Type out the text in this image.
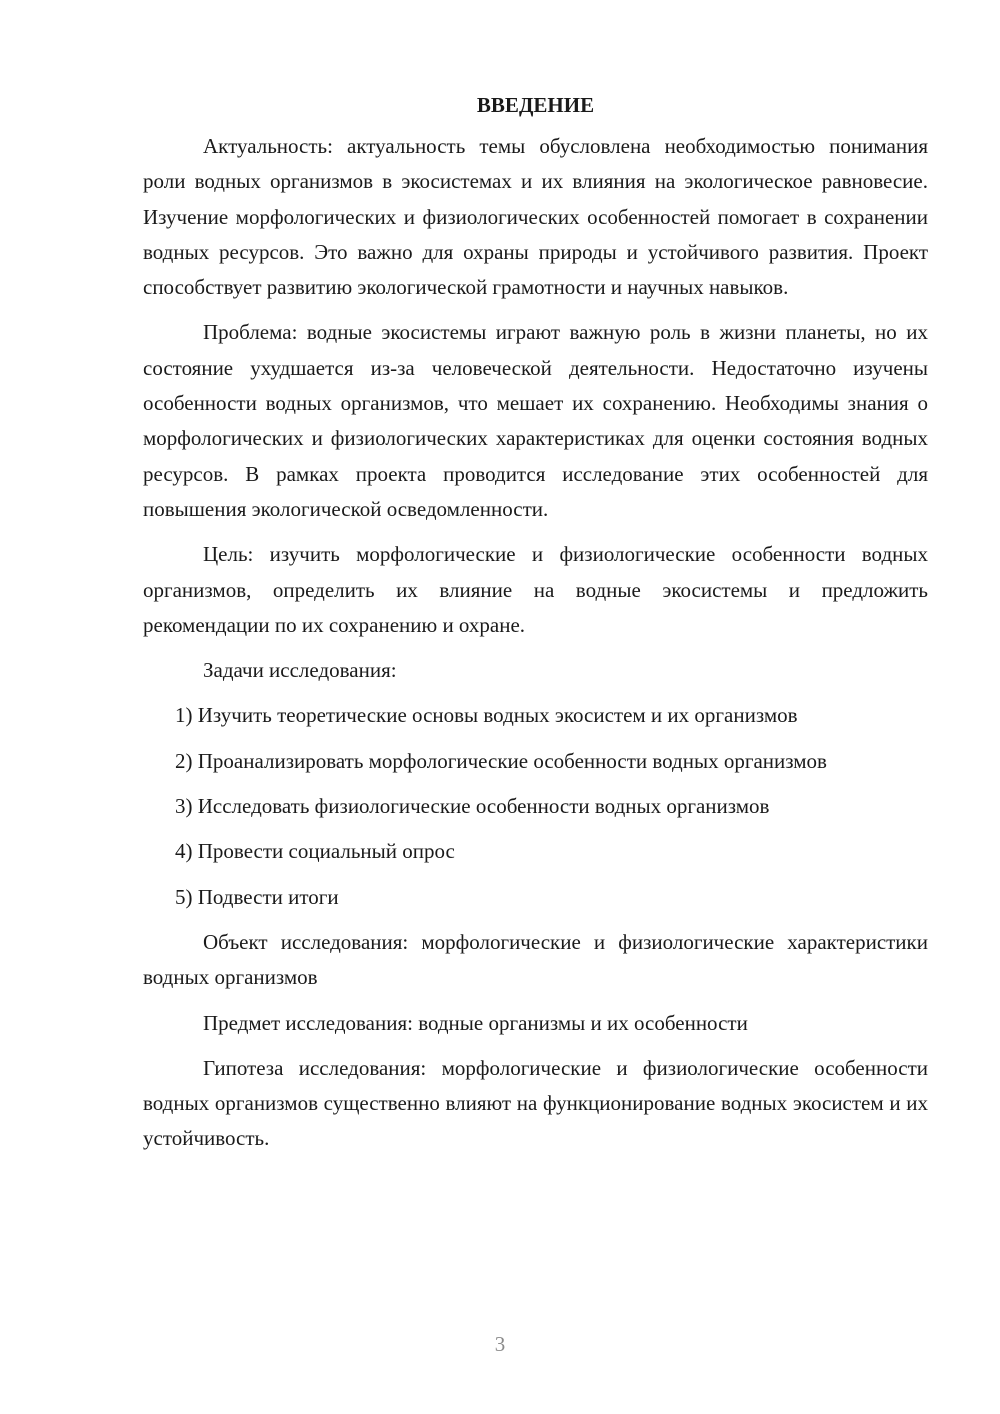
ВВЕДЕНИЕ

Актуальность: актуальность темы обусловлена необходимостью понимания роли водных организмов в экосистемах и их влияния на экологическое равновесие. Изучение морфологических и физиологических особенностей помогает в сохранении водных ресурсов. Это важно для охраны природы и устойчивого развития. Проект способствует развитию экологической грамотности и научных навыков.

Проблема: водные экосистемы играют важную роль в жизни планеты, но их состояние ухудшается из-за человеческой деятельности. Недостаточно изучены особенности водных организмов, что мешает их сохранению. Необходимы знания о морфологических и физиологических характеристиках для оценки состояния водных ресурсов. В рамках проекта проводится исследование этих особенностей для повышения экологической осведомленности.

Цель: изучить морфологические и физиологические особенности водных организмов, определить их влияние на водные экосистемы и предложить рекомендации по их сохранению и охране.

Задачи исследования:

1) Изучить теоретические основы водных экосистем и их организмов

2) Проанализировать морфологические особенности водных организмов

3) Исследовать физиологические особенности водных организмов

4) Провести социальный опрос

5) Подвести итоги

Объект исследования: морфологические и физиологические характеристики водных организмов

Предмет исследования: водные организмы и их особенности

Гипотеза исследования: морфологические и физиологические особенности водных организмов существенно влияют на функционирование водных экосистем и их устойчивость.

3
